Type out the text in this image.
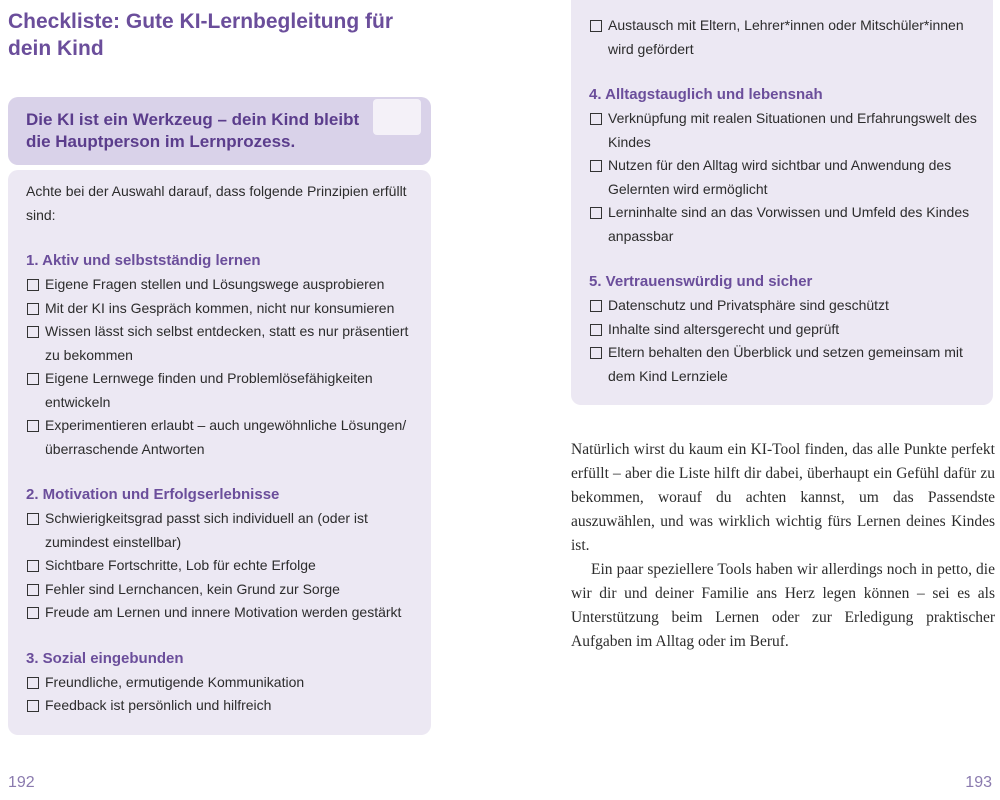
Checkliste: Gute KI-Lernbegleitung für dein Kind
Die KI ist ein Werkzeug – dein Kind bleibt die Hauptperson im Lernprozess.

Achte bei der Auswahl darauf, dass folgende Prinzipien erfüllt sind:

1. Aktiv und selbstständig lernen
Eigene Fragen stellen und Lösungswege ausprobieren
Mit der KI ins Gespräch kommen, nicht nur konsumieren
Wissen lässt sich selbst entdecken, statt es nur präsentiert zu bekommen
Eigene Lernwege finden und Problemlösefähigkeiten entwickeln
Experimentieren erlaubt – auch ungewöhnliche Lösungen/ überraschende Antworten
2. Motivation und Erfolgserlebnisse
Schwierigkeitsgrad passt sich individuell an (oder ist zumindest einstellbar)
Sichtbare Fortschritte, Lob für echte Erfolge
Fehler sind Lernchancen, kein Grund zur Sorge
Freude am Lernen und innere Motivation werden gestärkt
3. Sozial eingebunden
Freundliche, ermutigende Kommunikation
Feedback ist persönlich und hilfreich
192
Austausch mit Eltern, Lehrer*innen oder Mitschüler*innen wird gefördert
4. Alltagstauglich und lebensnah
Verknüpfung mit realen Situationen und Erfahrungswelt des Kindes
Nutzen für den Alltag wird sichtbar und Anwendung des Gelernten wird ermöglicht
Lerninhalte sind an das Vorwissen und Umfeld des Kindes anpassbar
5. Vertrauenswürdig und sicher
Datenschutz und Privatsphäre sind geschützt
Inhalte sind altersgerecht und geprüft
Eltern behalten den Überblick und setzen gemeinsam mit dem Kind Lernziele

Natürlich wirst du kaum ein KI-Tool finden, das alle Punkte perfekt erfüllt – aber die Liste hilft dir dabei, überhaupt ein Gefühl dafür zu bekommen, worauf du achten kannst, um das Passendste auszuwählen, und was wirklich wichtig fürs Lernen deines Kindes ist.

Ein paar speziellere Tools haben wir allerdings noch in petto, die wir dir und deiner Familie ans Herz legen können – sei es als Unterstützung beim Lernen oder zur Erledigung praktischer Aufgaben im Alltag oder im Beruf.

193
